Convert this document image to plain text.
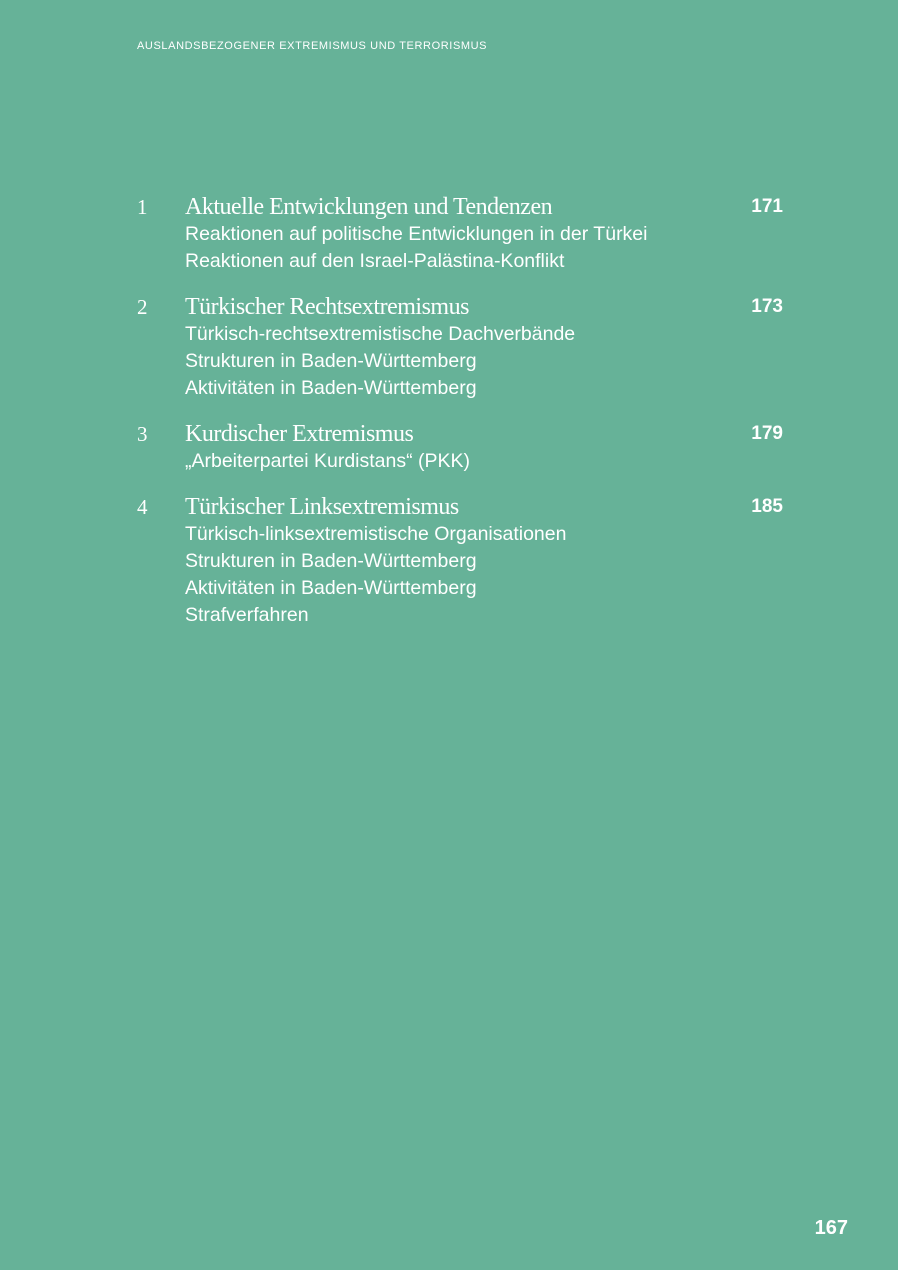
AUSLANDSBEZOGENER EXTREMISMUS UND TERRORISMUS
1 Aktuelle Entwicklungen und Tendenzen	171
Reaktionen auf politische Entwicklungen in der Türkei
Reaktionen auf den Israel-Palästina-Konflikt
2 Türkischer Rechtsextremismus	173
Türkisch-rechtsextremistische Dachverbände
Strukturen in Baden-Württemberg
Aktivitäten in Baden-Württemberg
3 Kurdischer Extremismus	179
„Arbeiterpartei Kurdistans“ (PKK)
4 Türkischer Linksextremismus	185
Türkisch-linksextremistische Organisationen
Strukturen in Baden-Württemberg
Aktivitäten in Baden-Württemberg
Strafverfahren
167
